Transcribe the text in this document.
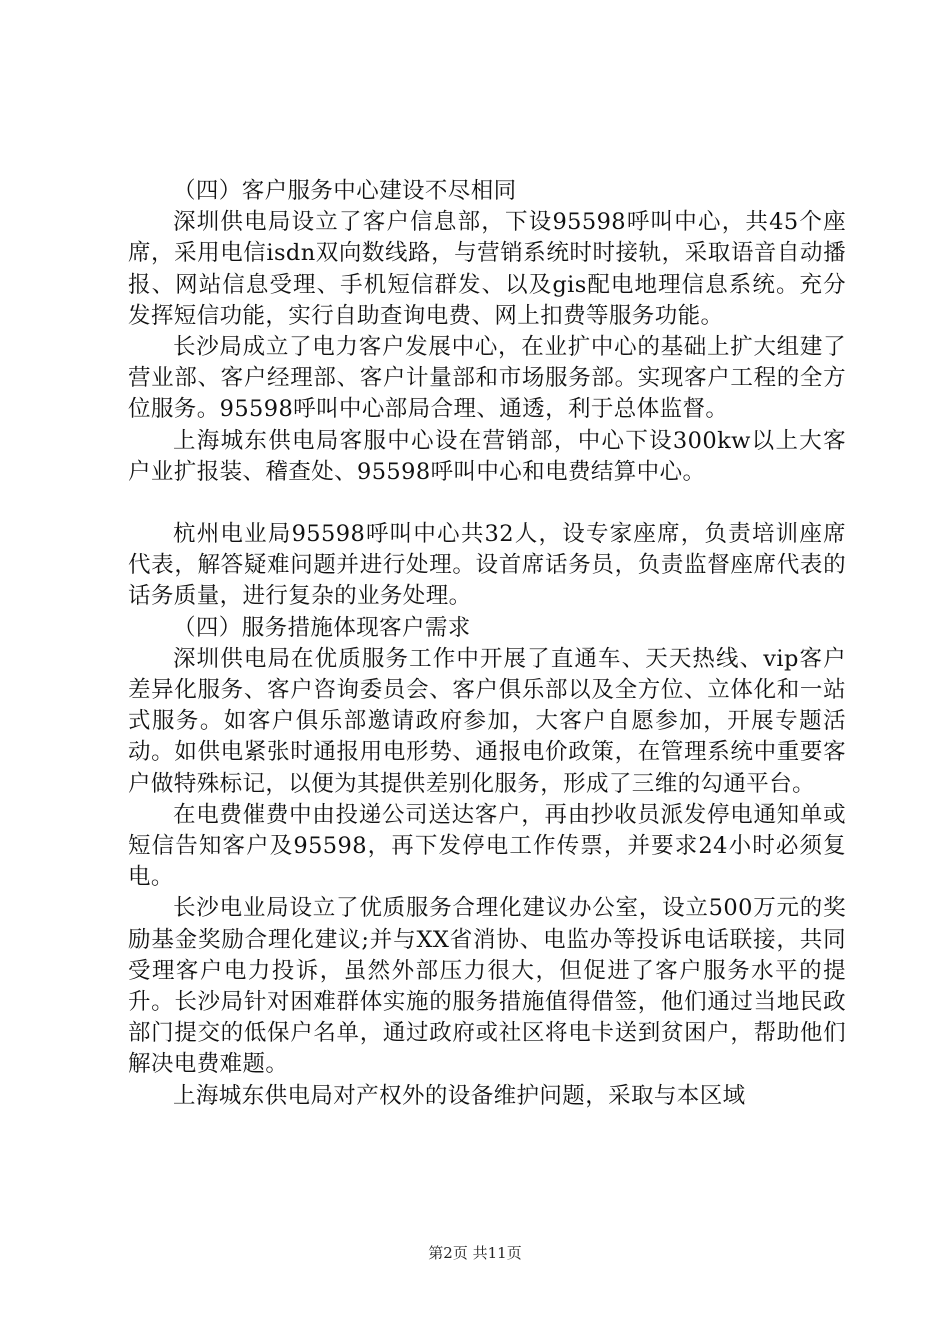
（四）客户服务中心建设不尽相同

深圳供电局设立了客户信息部，下设95598呼叫中心，共45个座席，采用电信isdn双向数线路，与营销系统时时接轨，采取语音自动播报、网站信息受理、手机短信群发、以及gis配电地理信息系统。充分发挥短信功能，实行自助查询电费、网上扣费等服务功能。

长沙局成立了电力客户发展中心，在业扩中心的基础上扩大组建了营业部、客户经理部、客户计量部和市场服务部。实现客户工程的全方位服务。95598呼叫中心部局合理、通透，利于总体监督。

上海城东供电局客服中心设在营销部，中心下设300kw以上大客户业扩报装、稽查处、95598呼叫中心和电费结算中心。

杭州电业局95598呼叫中心共32人，设专家座席，负责培训座席代表，解答疑难问题并进行处理。设首席话务员，负责监督座席代表的话务质量，进行复杂的业务处理。

（四）服务措施体现客户需求

深圳供电局在优质服务工作中开展了直通车、天天热线、vip客户差异化服务、客户咨询委员会、客户俱乐部以及全方位、立体化和一站式服务。如客户俱乐部邀请政府参加，大客户自愿参加，开展专题活动。如供电紧张时通报用电形势、通报电价政策，在管理系统中重要客户做特殊标记，以便为其提供差别化服务，形成了三维的勾通平台。

在电费催费中由投递公司送达客户，再由抄收员派发停电通知单或短信告知客户及95598，再下发停电工作传票，并要求24小时必须复电。

长沙电业局设立了优质服务合理化建议办公室，设立500万元的奖励基金奖励合理化建议;并与XX省消协、电监办等投诉电话联接，共同受理客户电力投诉，虽然外部压力很大，但促进了客户服务水平的提升。长沙局针对困难群体实施的服务措施值得借签，他们通过当地民政部门提交的低保户名单，通过政府或社区将电卡送到贫困户，帮助他们解决电费难题。

上海城东供电局对产权外的设备维护问题，采取与本区域

第2页 共11页
